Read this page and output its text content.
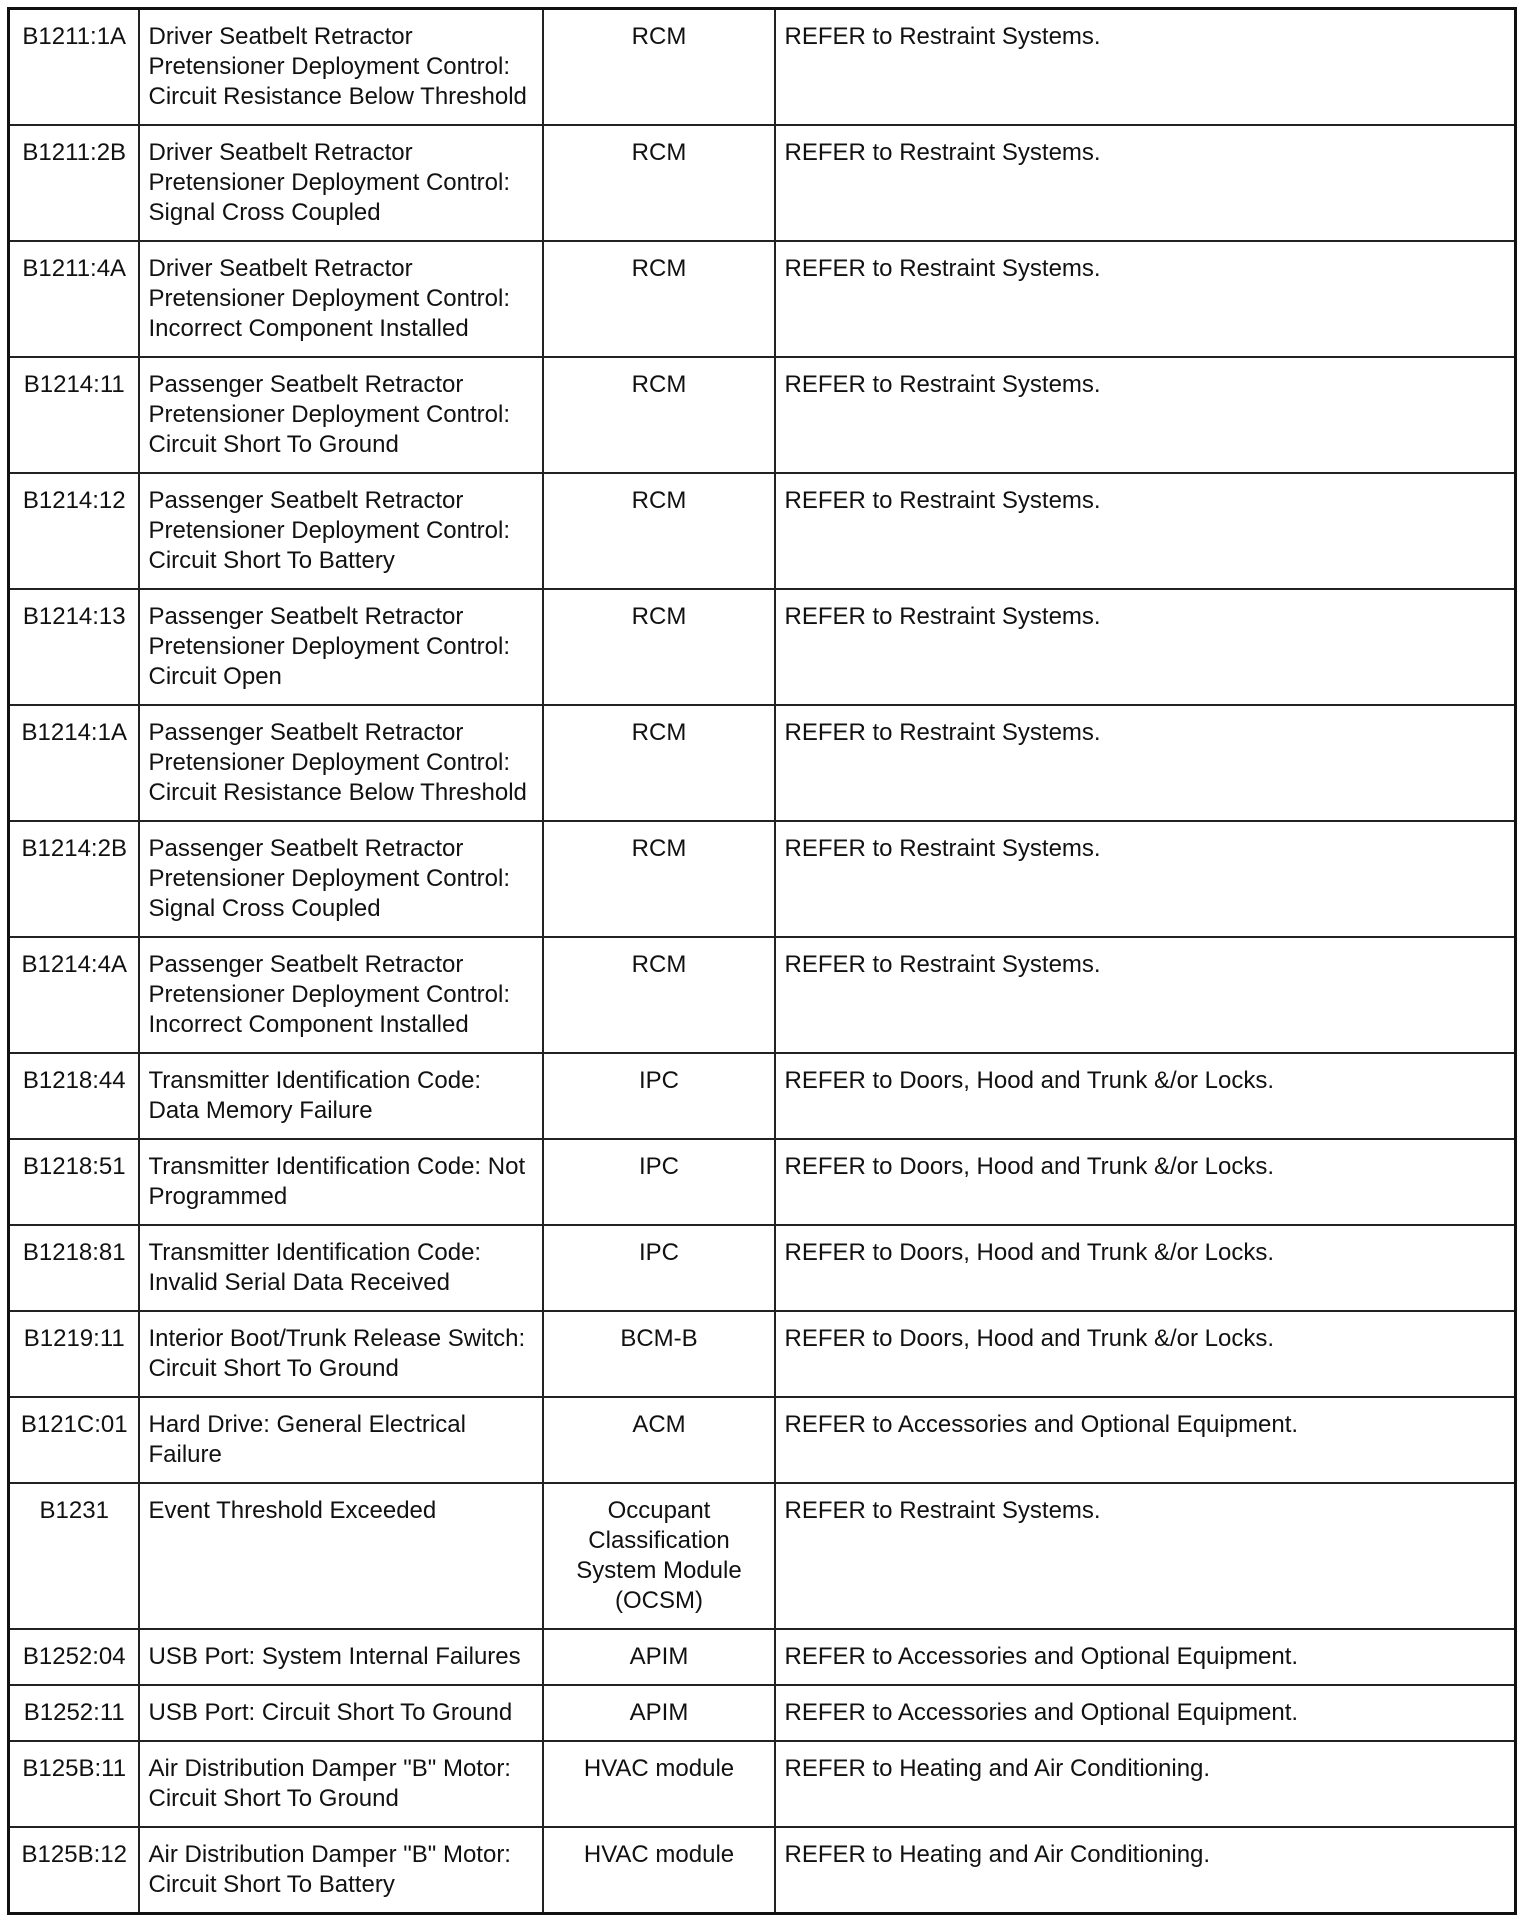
B1211:1A	Driver Seatbelt Retractor Pretensioner Deployment Control: Circuit Resistance Below Threshold	RCM	REFER to Restraint Systems.
B1211:2B	Driver Seatbelt Retractor Pretensioner Deployment Control: Signal Cross Coupled	RCM	REFER to Restraint Systems.
B1211:4A	Driver Seatbelt Retractor Pretensioner Deployment Control: Incorrect Component Installed	RCM	REFER to Restraint Systems.
B1214:11	Passenger Seatbelt Retractor Pretensioner Deployment Control: Circuit Short To Ground	RCM	REFER to Restraint Systems.
B1214:12	Passenger Seatbelt Retractor Pretensioner Deployment Control: Circuit Short To Battery	RCM	REFER to Restraint Systems.
B1214:13	Passenger Seatbelt Retractor Pretensioner Deployment Control: Circuit Open	RCM	REFER to Restraint Systems.
B1214:1A	Passenger Seatbelt Retractor Pretensioner Deployment Control: Circuit Resistance Below Threshold	RCM	REFER to Restraint Systems.
B1214:2B	Passenger Seatbelt Retractor Pretensioner Deployment Control: Signal Cross Coupled	RCM	REFER to Restraint Systems.
B1214:4A	Passenger Seatbelt Retractor Pretensioner Deployment Control: Incorrect Component Installed	RCM	REFER to Restraint Systems.
B1218:44	Transmitter Identification Code: Data Memory Failure	IPC	REFER to Doors, Hood and Trunk &/or Locks.
B1218:51	Transmitter Identification Code: Not Programmed	IPC	REFER to Doors, Hood and Trunk &/or Locks.
B1218:81	Transmitter Identification Code: Invalid Serial Data Received	IPC	REFER to Doors, Hood and Trunk &/or Locks.
B1219:11	Interior Boot/Trunk Release Switch: Circuit Short To Ground	BCM-B	REFER to Doors, Hood and Trunk &/or Locks.
B121C:01	Hard Drive: General Electrical Failure	ACM	REFER to Accessories and Optional Equipment.
B1231	Event Threshold Exceeded	Occupant Classification System Module (OCSM)	REFER to Restraint Systems.
B1252:04	USB Port: System Internal Failures	APIM	REFER to Accessories and Optional Equipment.
B1252:11	USB Port: Circuit Short To Ground	APIM	REFER to Accessories and Optional Equipment.
B125B:11	Air Distribution Damper "B" Motor: Circuit Short To Ground	HVAC module	REFER to Heating and Air Conditioning.
B125B:12	Air Distribution Damper "B" Motor: Circuit Short To Battery	HVAC module	REFER to Heating and Air Conditioning.
